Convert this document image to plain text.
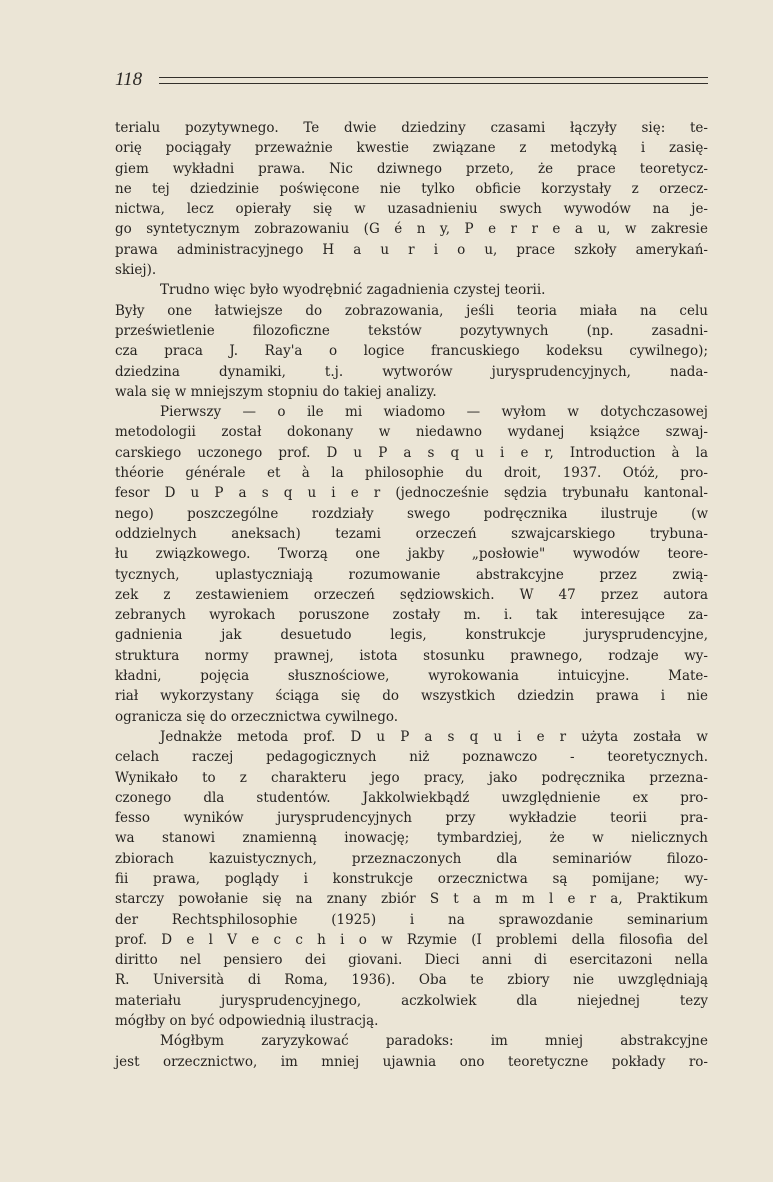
118
terialu pozytywnego. Te dwie dziedziny czasami łączyły się: te-
orię pociągały przeważnie kwestie związane z metodyką i zasię-
giem wykładni prawa. Nic dziwnego przeto, że prace teoretycz-
ne tej dziedzinie poświęcone nie tylko obficie korzystały z orzecz-
nictwa, lecz opierały się w uzasadnieniu swych wywodów na je-
go syntetycznym zobrazowaniu (G é n y, P e r r e a u, w zakresie
prawa administracyjnego H a u r i o u, prace szkoły amerykań-
skiej).
Trudno więc było wyodrębnić zagadnienia czystej teorii.
Były one łatwiejsze do zobrazowania, jeśli teoria miała na celu
prześwietlenie filozoficzne tekstów pozytywnych (np. zasadni-
cza praca J. Ray'a o logice francuskiego kodeksu cywilnego);
dziedzina dynamiki, t.j. wytworów jurysprudencyjnych, nada-
wala się w mniejszym stopniu do takiej analizy.
Pierwszy — o ile mi wiadomo — wyłom w dotychczasowej
metodologii został dokonany w niedawno wydanej książce szwaj-
carskiego uczonego prof. D u P a s q u i e r, Introduction à la
théorie générale et à la philosophie du droit, 1937. Otóż, pro-
fesor D u P a s q u i e r (jednocześnie sędzia trybunału kantonal-
nego) poszczególne rozdziały swego podręcznika ilustruje (w
oddzielnych aneksach) tezami orzeczeń szwajcarskiego trybuna-
łu związkowego. Tworzą one jakby „posłowie" wywodów teore-
tycznych, uplastyczniają rozumowanie abstrakcyjne przez zwią-
zek z zestawieniem orzeczeń sędziowskich. W 47 przez autora
zebranych wyrokach poruszone zostały m. i. tak interesujące za-
gadnienia jak desuetudo legis, konstrukcje jurysprudencyjne,
struktura normy prawnej, istota stosunku prawnego, rodzaje wy-
kładni, pojęcia słusznościowe, wyrokowania intuicyjne. Mate-
riał wykorzystany ściąga się do wszystkich dziedzin prawa i nie
ogranicza się do orzecznictwa cywilnego.
Jednakże metoda prof. D u P a s q u i e r użyta została w
celach raczej pedagogicznych niż poznawczo - teoretycznych.
Wynikało to z charakteru jego pracy, jako podręcznika przezna-
czonego dla studentów. Jakkolwiekbądź uwzględnienie ex pro-
fesso wyników jurysprudencyjnych przy wykładzie teorii pra-
wa stanowi znamienną inowację; tymbardziej, że w nielicznych
zbiorach kazuistycznych, przeznaczonych dla seminariów filozo-
fii prawa, poglądy i konstrukcje orzecznictwa są pomijane; wy-
starczy powołanie się na znany zbiór S t a m m l e r a, Praktikum
der Rechtsphilosophie (1925) i na sprawozdanie seminarium
prof. D e l V e c c h i o w Rzymie (I problemi della filosofia del
diritto nel pensiero dei giovani. Dieci anni di esercitazoni nella
R. Università di Roma, 1936). Oba te zbiory nie uwzględniają
materiału jurysprudencyjnego, aczkolwiek dla niejednej tezy
mógłby on być odpowiednią ilustracją.
Mógłbym zaryzykować paradoks: im mniej abstrakcyjne
jest orzecznictwo, im mniej ujawnia ono teoretyczne pokłady ro-
